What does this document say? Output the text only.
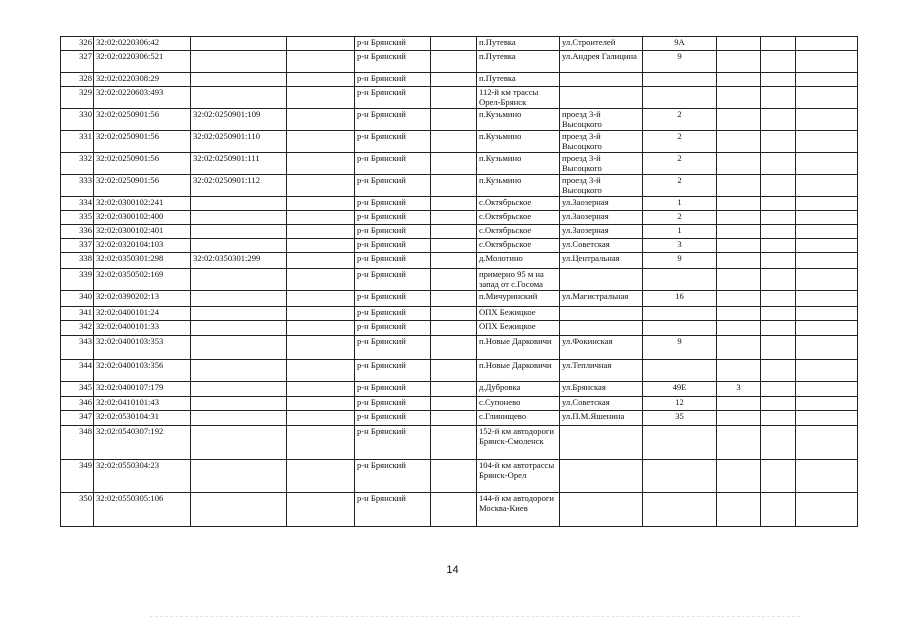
326	32:02:0220306:42			р-н Брянский		п.Путевка	ул.Строителей	9А			
327	32:02:0220306:521			р-н Брянский		п.Путевка	ул.Андрея Галицина	9			
328	32:02:0220308:29			р-н Брянский		п.Путевка					
329	32:02:0220603:493			р-н Брянский		112-й км трассы Орел-Брянск					
330	32:02:0250901:56	32:02:0250901:109		р-н Брянский		п.Кузьмино	проезд 3-й Высоцкого	2			
331	32:02:0250901:56	32:02:0250901:110		р-н Брянский		п.Кузьмино	проезд 3-й Высоцкого	2			
332	32:02:0250901:56	32:02:0250901:111		р-н Брянский		п.Кузьмино	проезд 3-й Высоцкого	2			
333	32:02:0250901:56	32:02:0250901:112		р-н Брянский		п.Кузьмино	проезд 3-й Высоцкого	2			
334	32:02:0300102:241			р-н Брянский		с.Октябрьское	ул.Заозерная	1			
335	32:02:0300102:400			р-н Брянский		с.Октябрьское	ул.Заозерная	2			
336	32:02:0300102:401			р-н Брянский		с.Октябрьское	ул.Заозерная	1			
337	32:02:0320104:103			р-н Брянский		с.Октябрьское	ул.Советская	3			
338	32:02:0350301:298	32:02:0350301:299		р-н Брянский		д.Молотино	ул.Центральная	9			
339	32:02:0350502:169			р-н Брянский		примерно 95 м на запад от с.Госома					
340	32:02:0390202:13			р-н Брянский		п.Мичуринский	ул.Магистральная	16			
341	32:02:0400101:24			р-н Брянский		ОПХ Бежицкое					
342	32:02:0400101:33			р-н Брянский		ОПХ Бежицкое					
343	32:02:0400103:353			р-н Брянский		п.Новые Дарковичи	ул.Фокинская	9			
344	32:02:0400103:356			р-н Брянский		п.Новые Дарковичи	ул.Тепличная				
345	32:02:0400107:179			р-н Брянский		д.Дубровка	ул.Брянская	49Е	3		
346	32:02:0410101:43			р-н Брянский		с.Супонево	ул.Советская	12			
347	32:02:0530104:31			р-н Брянский		с.Глинищево	ул.П.М.Яшенина	35			
348	32:02:0540307:192			р-н Брянский		152-й км автодороги Брянск-Смоленск					
349	32:02:0550304:23			р-н Брянский		104-й км автотрассы Брянск-Орел					
350	32:02:0550305:106			р-н Брянский		144-й км автодороги Москва-Киев					
14
